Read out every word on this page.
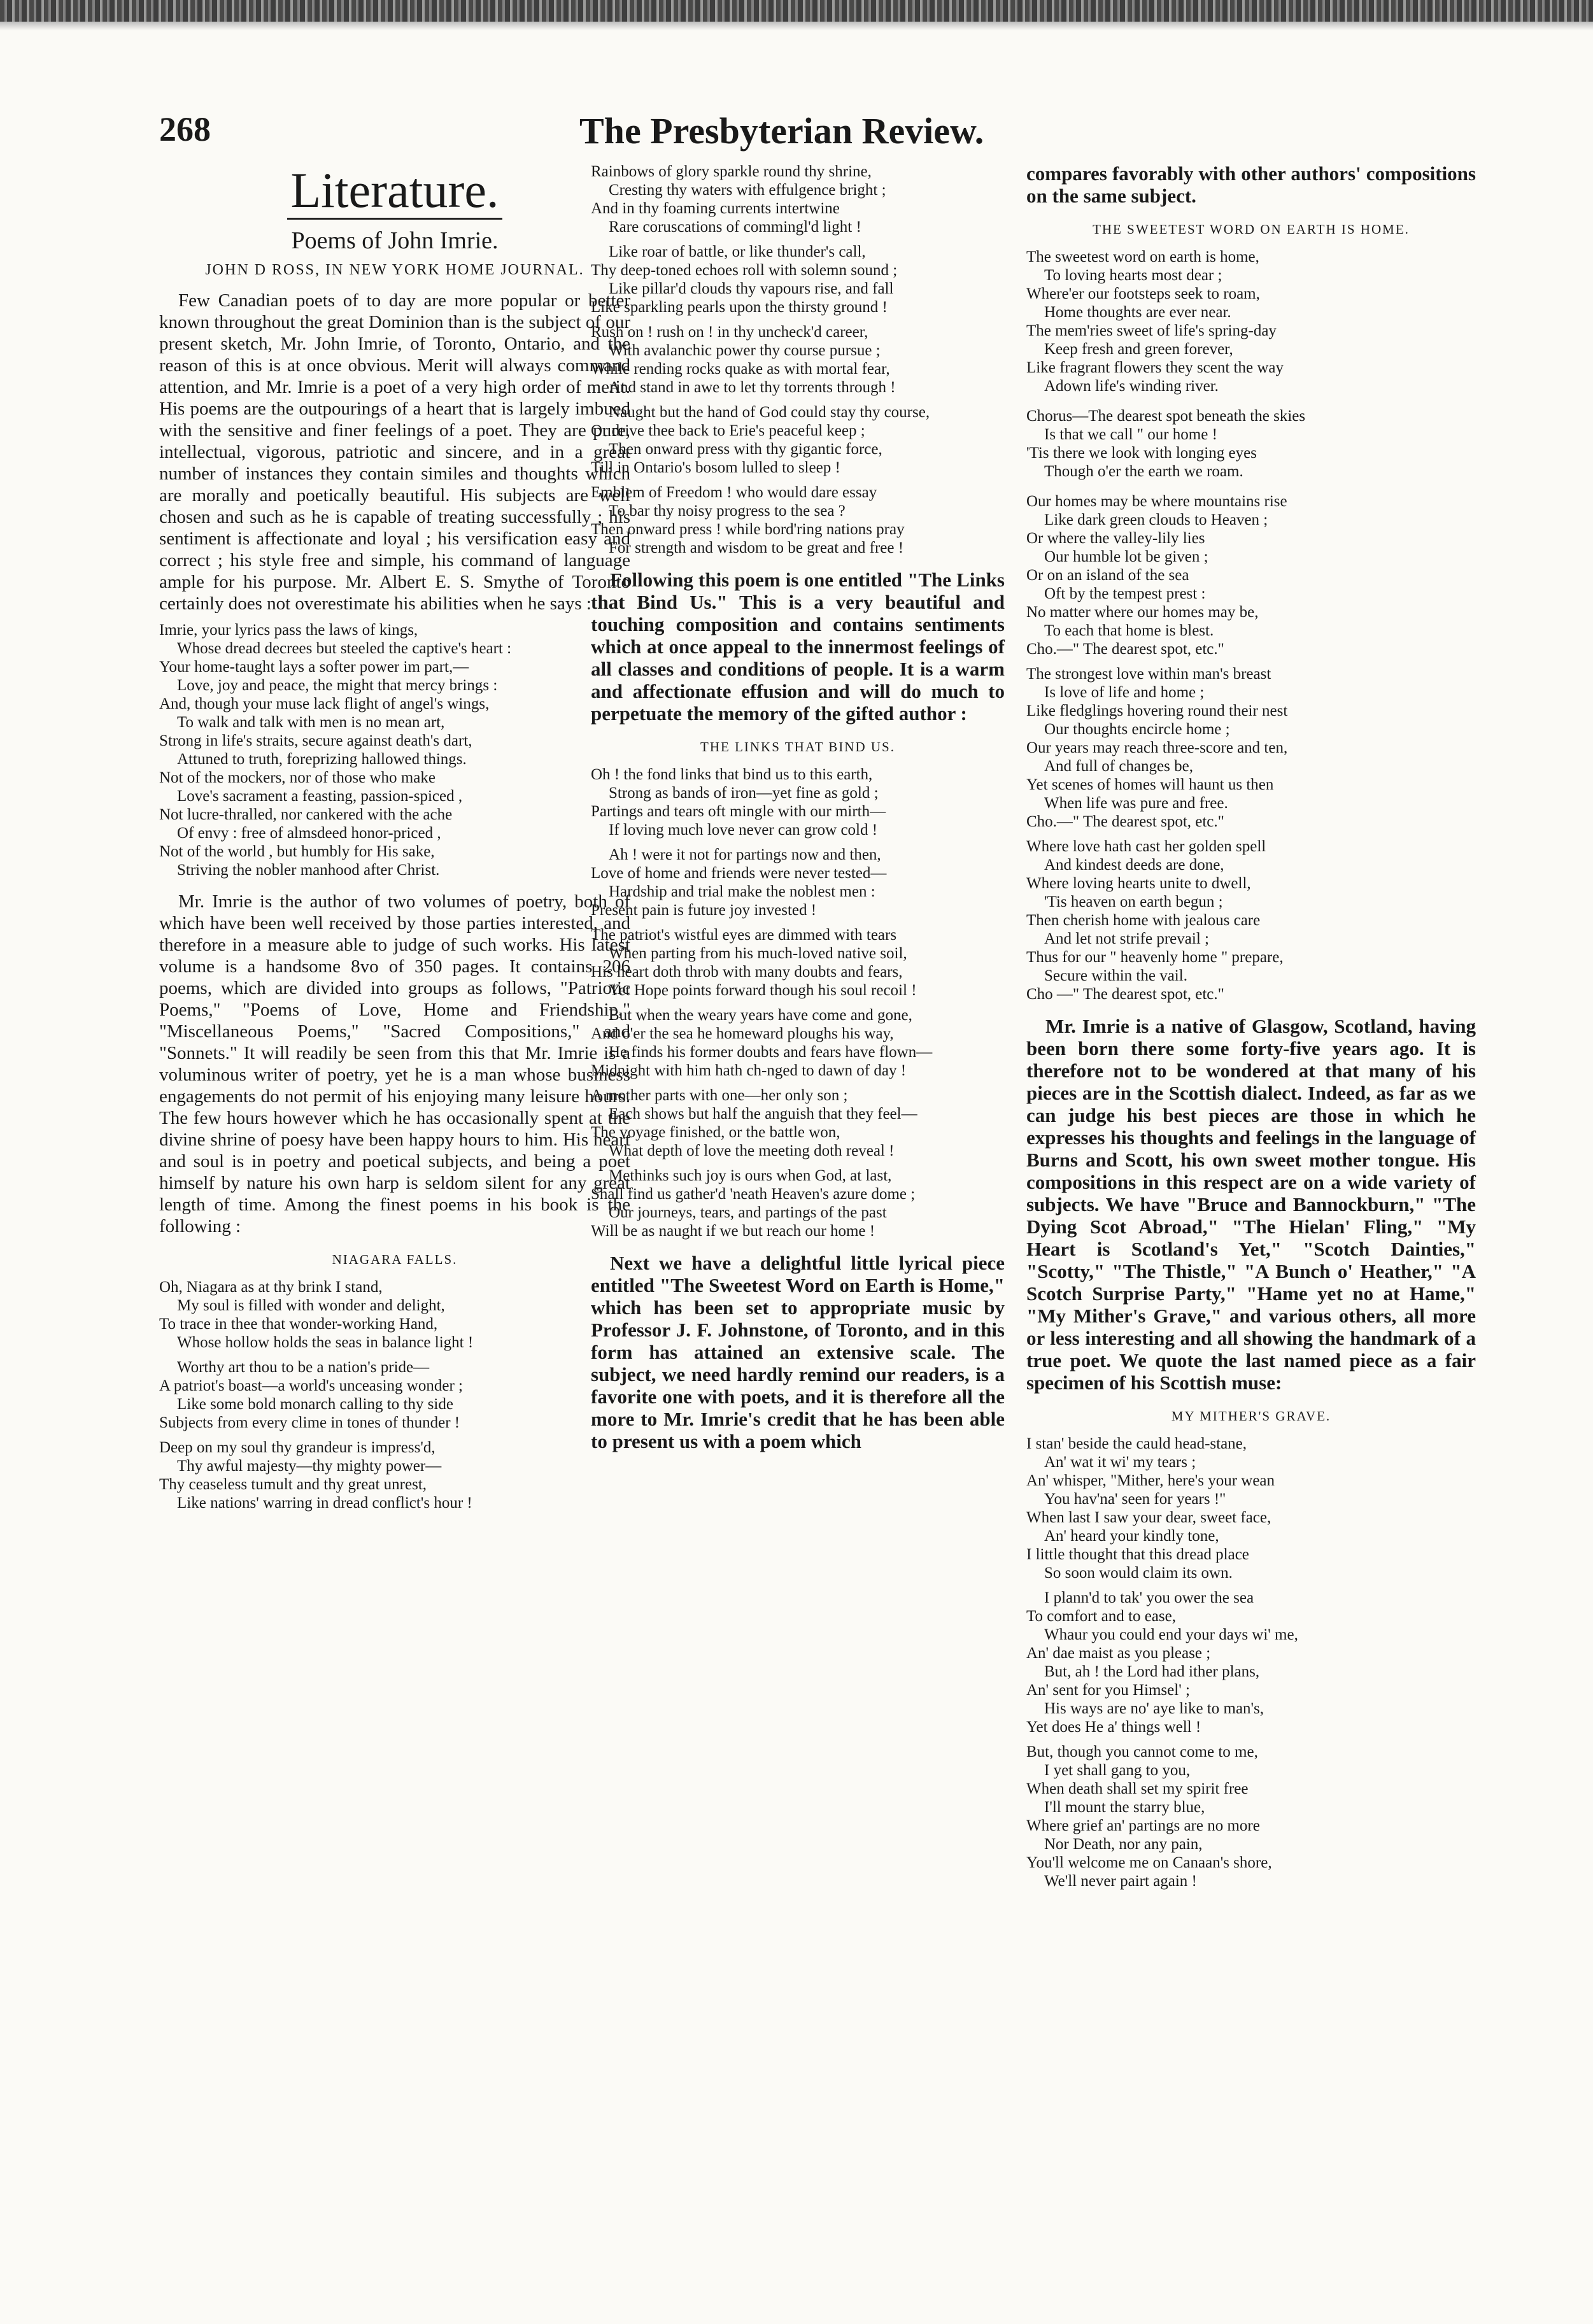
268	The Presbyterian Review.
Literature.
Poems of John Imrie.
JOHN D ROSS, IN NEW YORK HOME JOURNAL.

Few Canadian poets of to day are more popular or better known throughout the great Dominion than is the subject of our present sketch, Mr. John Imrie, of Toronto, Ontario, and the reason of this is at once obvious. Merit will always command attention, and Mr. Imrie is a poet of a very high order of merit. His poems are the outpourings of a heart that is largely imbued with the sensitive and finer feelings of a poet. They are pure, intellectual, vigorous, patriotic and sincere, and in a great number of instances they contain similes and thoughts which are morally and poetically beautiful. His subjects are well chosen and such as he is capable of treating successfully ; his sentiment is affectionate and loyal ; his versification easy and correct ; his style free and simple, his command of language ample for his purpose. Mr. Albert E. S. Smythe of Toronto certainly does not overestimate his abilities when he says :

Imrie, your lyrics pass the laws of kings,
Whose dread decrees but steeled the captive's heart :
Your home-taught lays a softer power im part,—
Love, joy and peace, the might that mercy brings :
And, though your muse lack flight of angel's wings,
To walk and talk with men is no mean art,
Strong in life's straits, secure against death's dart,
Attuned to truth, foreprizing hallowed things.
Not of the mockers, nor of those who make
Love's sacrament a feasting, passion-spiced ,
Not lucre-thralled, nor cankered with the ache
Of envy : free of almsdeed honor-priced ,
Not of the world , but humbly for His sake,
Striving the nobler manhood after Christ.

Mr. Imrie is the author of two volumes of poetry, both of which have been well received by those parties interested, and therefore in a measure able to judge of such works. His latest volume is a handsome 8vo of 350 pages. It contains 206 poems, which are divided into groups as follows, "Patriotic Poems," "Poems of Love, Home and Friendship," "Miscellaneous Poems," "Sacred Compositions," and "Sonnets." It will readily be seen from this that Mr. Imrie is a voluminous writer of poetry, yet he is a man whose business engagements do not permit of his enjoying many leisure hours. The few hours however which he has occasionally spent at the divine shrine of poesy have been happy hours to him. His heart and soul is in poetry and poetical subjects, and being a poet himself by nature his own harp is seldom silent for any great length of time. Among the finest poems in his book is the following :

NIAGARA FALLS.
Oh, Niagara as at thy brink I stand,
My soul is filled with wonder and delight,
To trace in thee that wonder-working Hand,
Whose hollow holds the seas in balance light !

Worthy art thou to be a nation's pride—
A patriot's boast—a world's unceasing wonder ;
Like some bold monarch calling to thy side
Subjects from every clime in tones of thunder !

Deep on my soul thy grandeur is impress'd,
Thy awful majesty—thy mighty power—
Thy ceaseless tumult and thy great unrest,
Like nations' warring in dread conflict's hour !
Rainbows of glory sparkle round thy shrine,
Cresting thy waters with effulgence bright ;
And in thy foaming currents intertwine
Rare coruscations of commingl'd light !

Like roar of battle, or like thunder's call,
Thy deep-toned echoes roll with solemn sound ;
Like pillar'd clouds thy vapours rise, and fall
Like sparkling pearls upon the thirsty ground !

Rush on ! rush on ! in thy uncheck'd career,
With avalanchic power thy course pursue ;
While rending rocks quake as with mortal fear,
And stand in awe to let thy torrents through !

Naught but the hand of God could stay thy course,
Or drive thee back to Erie's peaceful keep ;
Then onward press with thy gigantic force,
Till in Ontario's bosom lulled to sleep !

Emblem of Freedom ! who would dare essay
To bar thy noisy progress to the sea ?
Then onward press ! while bord'ring nations pray
For strength and wisdom to be great and free !

Following this poem is one entitled "The Links that Bind Us." This is a very beautiful and touching composition and contains sentiments which at once appeal to the innermost feelings of all classes and conditions of people. It is a warm and affectionate effusion and will do much to perpetuate the memory of the gifted author :

THE LINKS THAT BIND US.
Oh ! the fond links that bind us to this earth,
Strong as bands of iron—yet fine as gold ;
Partings and tears oft mingle with our mirth—
If loving much love never can grow cold !

Ah ! were it not for partings now and then,
Love of home and friends were never tested—
Hardship and trial make the noblest men :
Present pain is future joy invested !

The patriot's wistful eyes are dimmed with tears
When parting from his much-loved native soil,
His heart doth throb with many doubts and fears,
Yet Hope points forward though his soul recoil !

But when the weary years have come and gone,
And o'er the sea he homeward ploughs his way,
He finds his former doubts and fears have flown—
Midnight with him hath ch-nged to dawn of day !

A mother parts with one—her only son ;
Each shows but half the anguish that they feel—
The voyage finished, or the battle won,
What depth of love the meeting doth reveal !

Methinks such joy is ours when God, at last,
Shall find us gather'd 'neath Heaven's azure dome ;
Our journeys, tears, and partings of the past
Will be as naught if we but reach our home !

Next we have a delightful little lyrical piece entitled "The Sweetest Word on Earth is Home," which has been set to appropriate music by Professor J. F. Johnstone, of Toronto, and in this form has attained an extensive scale. The subject, we need hardly remind our readers, is a favorite one with poets, and it is therefore all the more to Mr. Imrie's credit that he has been able to present us with a poem which

compares favorably with other authors' compositions on the same subject.

THE SWEETEST WORD ON EARTH IS HOME.
The sweetest word on earth is home,
To loving hearts most dear ;
Where'er our footsteps seek to roam,
Home thoughts are ever near.
The mem'ries sweet of life's spring-day
Keep fresh and green forever,
Like fragrant flowers they scent the way
Adown life's winding river.
Chorus—The dearest spot beneath the skies
Is that we call " our home !
'Tis there we look with longing eyes
Though o'er the earth we roam.
Our homes may be where mountains rise
Like dark green clouds to Heaven ;
Or where the valley-lily lies
Our humble lot be given ;
Or on an island of the sea
Oft by the tempest prest :
No matter where our homes may be,
To each that home is blest.
Cho.—" The dearest spot, etc."

The strongest love within man's breast
Is love of life and home ;
Like fledglings hovering round their nest
Our thoughts encircle home ;
Our years may reach three-score and ten,
And full of changes be,
Yet scenes of homes will haunt us then
When life was pure and free.
Cho.—" The dearest spot, etc."

Where love hath cast her golden spell
And kindest deeds are done,
Where loving hearts unite to dwell,
'Tis heaven on earth begun ;
Then cherish home with jealous care
And let not strife prevail ;
Thus for our " heavenly home " prepare,
Secure within the vail.
Cho —" The dearest spot, etc."

Mr. Imrie is a native of Glasgow, Scotland, having been born there some forty-five years ago. It is therefore not to be wondered at that many of his pieces are in the Scottish dialect. Indeed, as far as we can judge his best pieces are those in which he expresses his thoughts and feelings in the language of Burns and Scott, his own sweet mother tongue. His compositions in this respect are on a wide variety of subjects. We have "Bruce and Bannockburn," "The Dying Scot Abroad," "The Hielan' Fling," "My Heart is Scotland's Yet," "Scotch Dainties," "Scotty," "The Thistle," "A Bunch o' Heather," "A Scotch Surprise Party," "Hame yet no at Hame," "My Mither's Grave," and various others, all more or less interesting and all showing the handmark of a true poet. We quote the last named piece as a fair specimen of his Scottish muse:

MY MITHER'S GRAVE.
I stan' beside the cauld head-stane,
An' wat it wi' my tears ;
An' whisper, "Mither, here's your wean
You hav'na' seen for years !"
When last I saw your dear, sweet face,
An' heard your kindly tone,
I little thought that this dread place
So soon would claim its own.

I plann'd to tak' you ower the sea
To comfort and to ease,
Whaur you could end your days wi' me,
An' dae maist as you please ;
But, ah ! the Lord had ither plans,
An' sent for you Himsel' ;
His ways are no' aye like to man's,
Yet does He a' things well !

But, though you cannot come to me,
I yet shall gang to you,
When death shall set my spirit free
I'll mount the starry blue,
Where grief an' partings are no more
Nor Death, nor any pain,
You'll welcome me on Canaan's shore,
We'll never pairt again !
